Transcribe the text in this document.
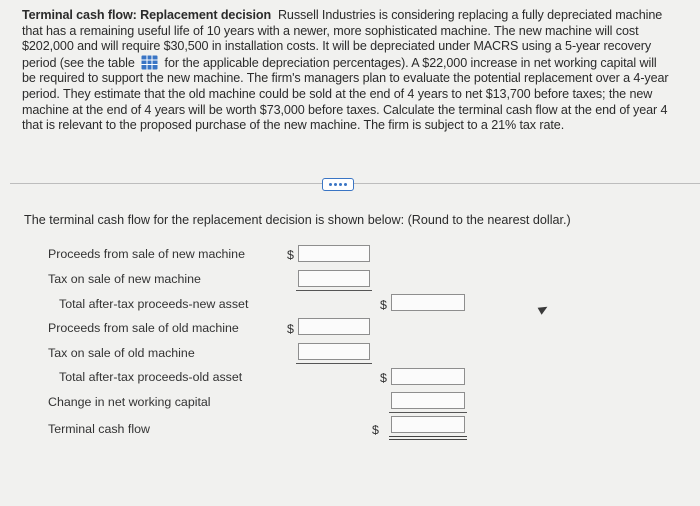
Terminal cash flow: Replacement decision Russell Industries is considering replacing a fully depreciated machine that has a remaining useful life of 10 years with a newer, more sophisticated machine. The new machine will cost $202,000 and will require $30,500 in installation costs. It will be depreciated under MACRS using a 5-year recovery period (see the table for the applicable depreciation percentages). A $22,000 increase in net working capital will be required to support the new machine. The firm's managers plan to evaluate the potential replacement over a 4-year period. They estimate that the old machine could be sold at the end of 4 years to net $13,700 before taxes; the new machine at the end of 4 years will be worth $73,000 before taxes. Calculate the terminal cash flow at the end of year 4 that is relevant to the proposed purchase of the new machine. The firm is subject to a 21% tax rate.
The terminal cash flow for the replacement decision is shown below: (Round to the nearest dollar.)
Proceeds from sale of new machine	$
Tax on sale of new machine
Total after-tax proceeds-new asset	$
Proceeds from sale of old machine	$
Tax on sale of old machine
Total after-tax proceeds-old asset	$
Change in net working capital
Terminal cash flow	$
